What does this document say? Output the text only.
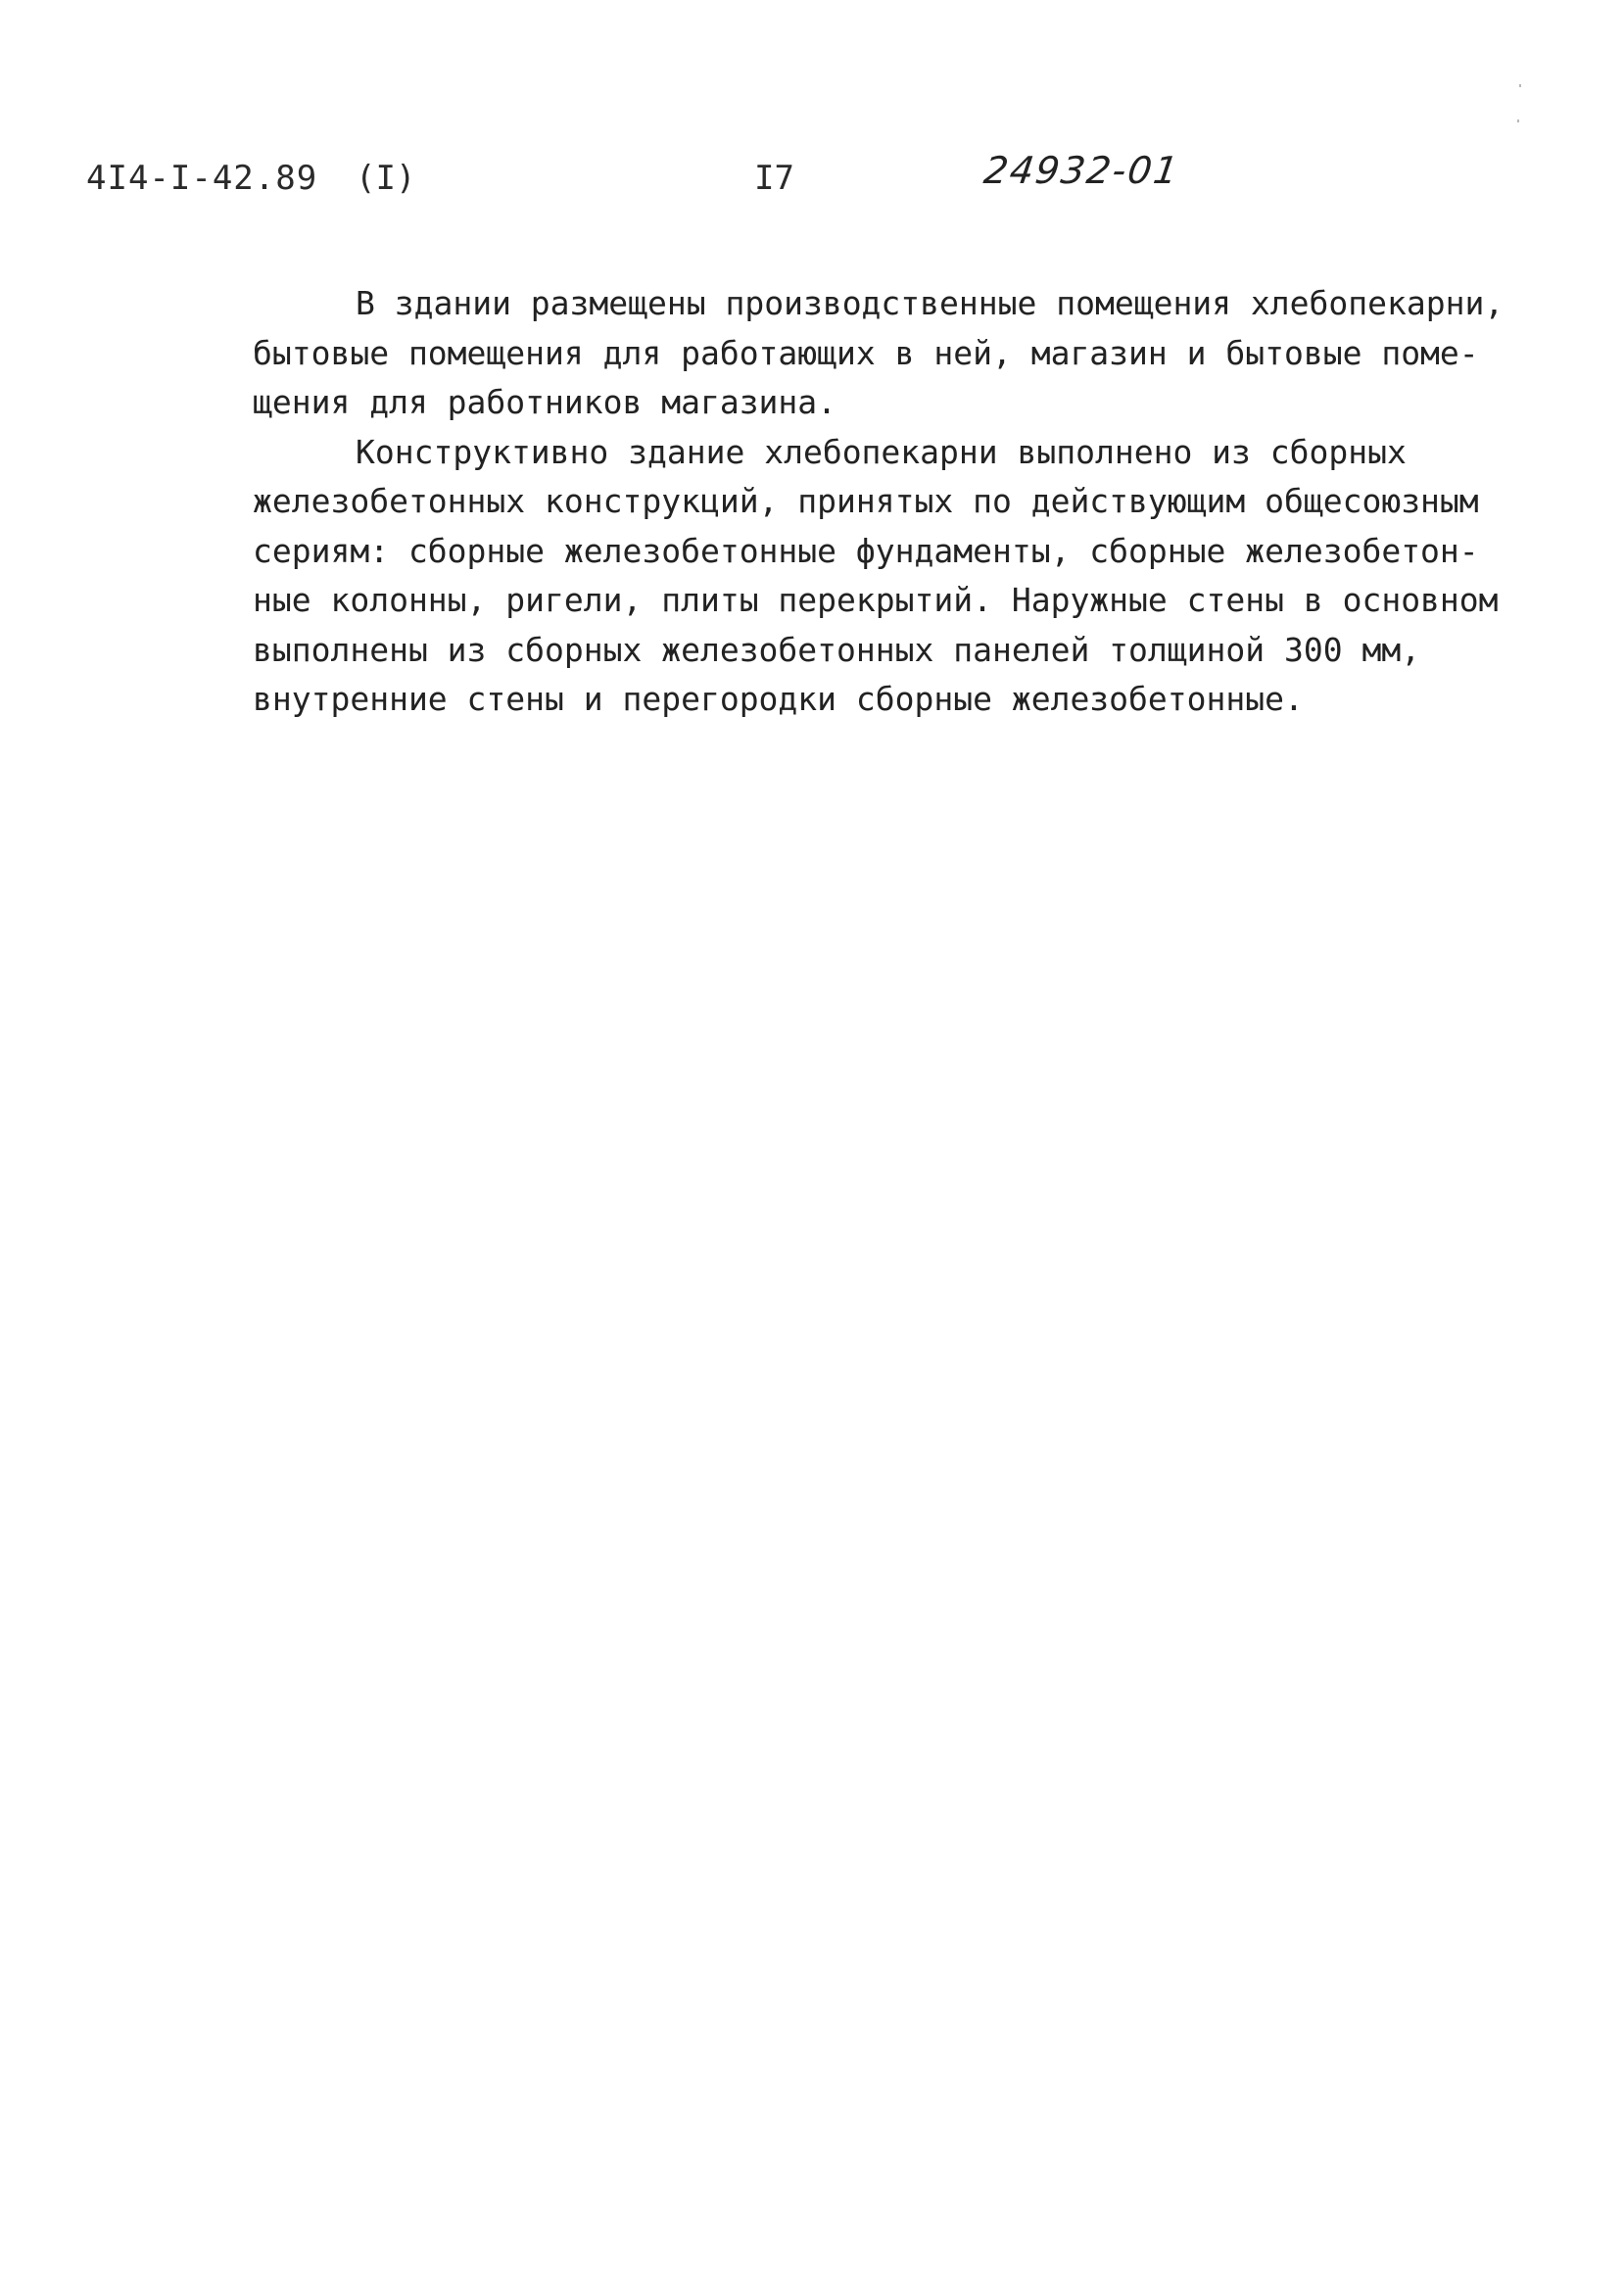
4I4-I-42.89 (I)	I7	24932-01
В здании размещены производственные помещения хлебопекарни,
бытовые помещения для работающих в ней, магазин и бытовые поме-
щения для работников магазина.
Конструктивно здание хлебопекарни выполнено из сборных
железобетонных конструкций, принятых по действующим общесоюзным
сериям: сборные железобетонные фундаменты, сборные железобетон-
ные колонны, ригели, плиты перекрытий. Наружные стены в основном
выполнены из сборных железобетонных панелей толщиной 300 мм,
внутренние стены и перегородки сборные железобетонные.
